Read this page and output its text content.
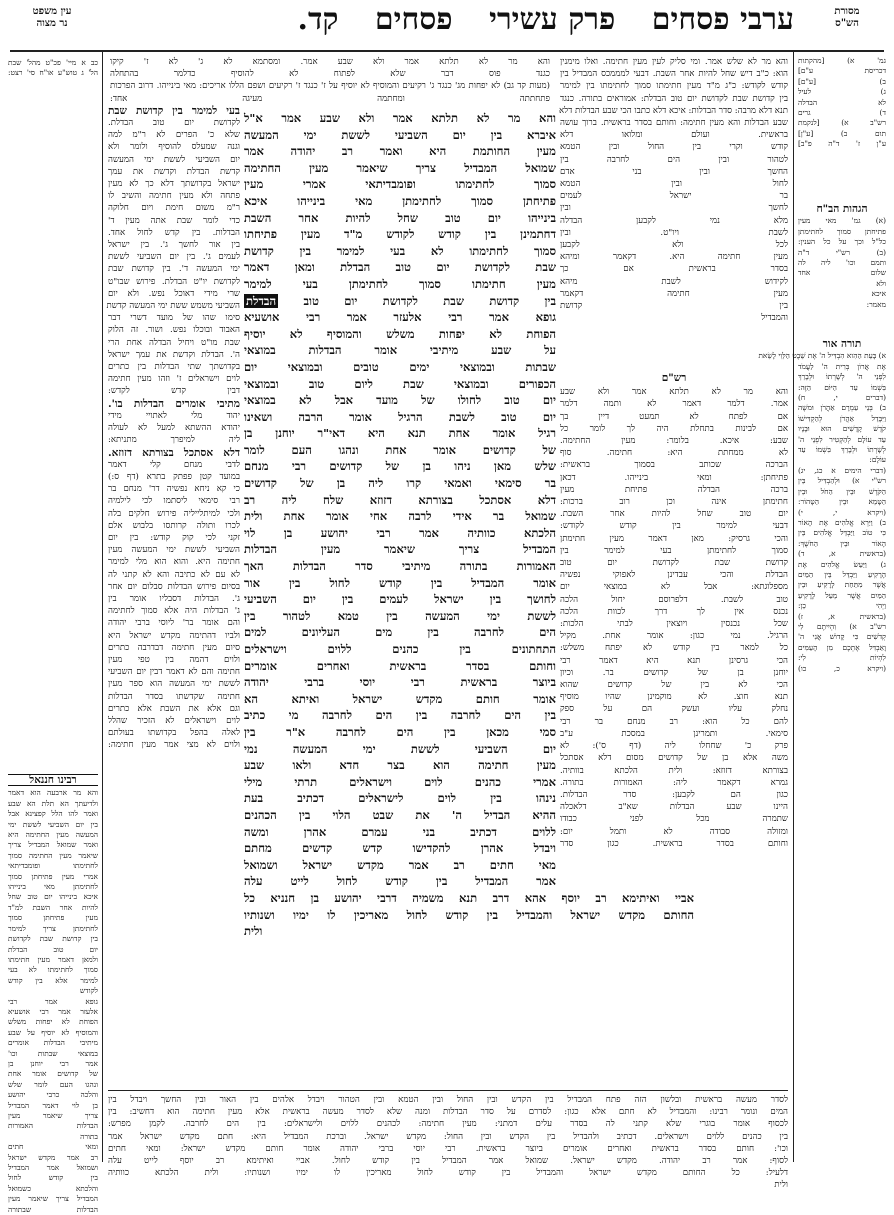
מסורת
הש"ס
ערבי פסחים פרק עשירי פסחים קד.
עין משפט
נר מצוה
גמ' א) [מהקתות
דכריסת ע"ם]
ב) [ע"ם]
ג) לעיל
לא הבדלה
ד) גרים
רש"ב א) [לנקמת
תום ב) [ע"ן]
ע"ן ז' ד"ה פ"ב]
הגהות הב"ח
(א) גמ' מאי מעין
פתיחתן סמוך לחתימתן
כל"ל וכך על כל הענין:
(ב) רש"י ד"ה
ותמם וכו' ליה לה
שלום אחד
ולא
איכא
מאמר:
תורה אור
א) בָּעֵת הַהִוא הִבְדִּיל ה' אֶת שֵׁבֶט הַלֵּוִי לָשֵׂאת
אֶת אֲרוֹן בְּרִית ה' לַעֲמֹד
לִפְנֵי ה' לְשָׁרְתוֹ וּלְבָרֵךְ
בִּשְׁמוֹ עַד הַיּוֹם הַזֶּה:
(דברים י, ח)
ב) בְּנֵי עַמְרָם אַהֲרֹן וּמשֶׁה
וַיִּבָּדֵל אַהֲרֹן לְהַקְדִּישׁוֹ
קֹדֶשׁ קָדָשִׁים הוּא וּבָנָיו
עַד עוֹלָם לְהַקְטִיר לִפְנֵי ה'
לְשָׁרְתוֹ וּלְבָרֵךְ בִּשְׁמוֹ עַד
עוֹלָם:
(דברי הימים א כג, יג)
רש"י א) וּלְהַבְדִּיל בֵּין
הַקֹּדֶשׁ וּבֵין הַחֹל וּבֵין
הַטָּמֵא וּבֵין הַטָּהוֹר:
(ויקרא י, י)
ב) וַיַּרְא אֱלֹהִים אֶת הָאוֹר
כִּי טוֹב וַיַּבְדֵּל אֱלֹהִים בֵּין
הָאוֹר וּבֵין הַחֹשֶׁךְ:
(בראשית א, ד)
ג) וַיַּעַשׂ אֱלֹהִים אֶת
הָרָקִיעַ וַיַּבְדֵּל בֵּין הַמַּיִם
אֲשֶׁר מִתַּחַת לָרָקִיעַ וּבֵין
הַמַּיִם אֲשֶׁר מֵעַל לָרָקִיעַ
וַיְהִי כֵן:
(בראשית א, ז)
רש"ב א) וִהְיִיתֶם לִי
קְדֹשִׁים כִּי קָדוֹשׁ אֲנִי ה'
וָאַבְדִּל אֶתְכֶם מִן הָעַמִּים
לִהְיוֹת לִי:
(ויקרא כ, כו)
כב א מיי' פכ"ט מהל' שבת
הל' ג טוש"ע או"ח סי' רצט:
רבינו חננאל
והא מר ארבעה הוא דאמר
ולדיעתך הא תלת הא שבע
ואמר להו הלל קפצינא אבל
בין יום השביעי לששת ימי
המעשה מעין החתימה היא
ואמר שמואל המבדיל צריך
שיאמר מעין החתימה סמוך
לחתימתו ופומבדיתאי
אמרי מעין פתיחתן סמוך
לחתימתן מאי בינייהו
איכא בינייהו יום טוב שחל
להיות אחר השבת למ"ד
מעין פתיחתן סמוך
לחתימתן צריך למימר
בין קדושת שבת לקדושת
יום טוב הבדלת
ולמאן דאמר מעין חתימתו
סמוך לחתימתו לא בעי
למימר אלא בין קודש
לקודש
גופא אמר רבי
אלעזר אמר רבי אושעיא
הפוחת לא יפחות משלש
והמוסיף לא יוסיף על שבע
מיתיבי הבדלות אומרים
במוצאי שבתות וכו'
אמר רבי יוחנן בן
של קדושים אומר אחת
ונהגו העם לומר שלש
והלכה כרבי יהושע
בן לוי דאמר המבדיל
צריך שיאמר מעין
הבדלות האמורות
בתורה
ומאי חתים
רב אמר מקדש ישראל
ושמואל אמר המבדיל
בין קודש לחול
והלכתא כשמואל
המבדיל צריך שיאמר מעין
הבדלות שבתורה
והא מר לא שלש אמר. ומי סליק לעין מעין חתימה. ואלו מימנין
הוא: כ"ב דיש שחל להיות אחר השבת. דבעי למממכס המבדיל בין
קודש לקודש: כ"ג מ"ד מעין חתימתו סמוך לחתימתו בין למימר
בין קדושת שבת לקדושת יום טוב הבדלת: אמוראים בתורה. כנגד
תנא דלא מרבה: סדר הבדלות: איכא דלא כתבו הכי שבע הבדלות דלא
שבע הבדלות והא מעין חתימה: וחותם בסדר בראשית. ברוך עושה
בראשית. ועולם ומלואו דלא
קודש וקרי בין החול ובין הטמא
לטהור ובין הים לחרבה בין
החשך ובין בני אדם
לחול ובין הטמא
בר ישראל לעמים
לחשך ובין
מלא נמי לקבען הבדלה
לשבת ויו"ט. ובין
לכל ולא לקבען
מעין חתימה היא. דקאמר ומיהא
בסדר בראשית אם כך
לקידוש לשבת מיהא
מעין חתימה דקאמר
בין קדושת
והמבדיל
רש"ם
והא מר לא תלתא אמר ולא שבע
אמר. דלמר דאמר לא ותמה דלמר
אם לפתח לא תמעט דיין בך
אם לבינות בתחלת היה לך לומר כל
שבע: איכא. בלומר: מעין החתימה.
לא ממחתת היא: חתימה. סוף
הברכה שכותב בסמוך בראשית:
פתיחתן: ומאי בינייהו. דכאן
ברכה הבדלה פתיחת מעין
חתימתן אינה וכן רוב ברכות:
יום טוב שחל להיות אחר השבת.
דבעי למימר בין קודש לקודש:
והכי גרסיק: מאן דאמר מעין חתימתן
סמוך לחתימתן בעי למימר בין
קדושת שבת לקדושת יום טוב
הבדלת והכי עבדינן לאפוקי נפשיה
מספלוגתא: אבל לא במוצאי יום
טוב לשבת. דלפרוסם יחול הלכה
נכנס אין לך דרך לכוות הלכה
שכל נכנסין ויוצאין לבתי הלכות:
הרגיל. נמי כגון: אומר אחת. מקיל
כל למאר בין קודש לא יפתח משלש:
הכי גרסינן תנא היא דאמר רבי
יוחנן בן של קדושים בר. וכיון
הכי לא בין של קדושים שהוא
תנא חוצ. לא מוקמינן שהיו מוסיף
נחלק עליו ועשק הם על ספק
להם כל הוא: רב מנחם בר רבי
סימאי. ותמרינן במסכת ע"ב
פרק כ' שחחלו ליה (דף ס'): לא
משה אלא בן של קדושים מסום דלא אסתכל
בצורתא דזוזא: ולית הלכתא בוותיה.
גמרא דקאמר ליה: האמורות בתורה.
כגון הם לקבען: סדר הבדלות.
היינו שבע הבדלות שא"ב דלאכלה
שתמרה מכל לפני כבודו
ומזולה סבודה לא ותמל יום:
וחותם בסדר בראשית. כגון סדר
והא מר לא תלתא אמר ולא שבע אמר. ומסתמא לא ג' לא ז' קיקו
כגנד פוס דבר שלא לפתוח לא להוסיף כדלמר בהתחלה
(מעות קד גב) לא יפחות מג' כנגד ג' רקיעים והמוסיף לא יוסיף על ז' כנגד ז' רקיעים ושפם הללו אריכים: מאי בינייהו. דרוב הפרכות
פתחתתה ומחתמה מעיגה אחד:
בעי למימר בין קדושת שבת
לקדושת יום טוב הבדלת.
שלא כ' הפרים לא ר"מ למה
וגנה שמעלס להוסיף ולומר ולא
יום השביעי לששת ימי המעשה
קדשת הבדלת וקדשת את עמך
ישראל בקדושתך דלא כך לא מעין
פתחה ולא מעין חתימה והשיב לו
ר"מ משום חימת ויום חלוקה
כדי לומר שבת אתה מעין ד'
הבדלות. בין קדש לחול אחד.
בין אור לחשך ג'. בין ישראל
לעמים ג'. בין יום השביעי לששת
ימי המעשה ד'. בין קדושת שבת
לקדושת יו"ט הבדלת. פירוש שבו"ט
שרי מידי דאוכל נפש. ולא יום
השביעי משמש ששת ימי המעשה קדשת
סימו שהו של מועד דשרי דבר
האבוד ובוכלו נפש. ושור. זה הלוק
שבת מו"ט ויחיל הבדלה אחת הרי
ה'. הבדלת וקדשת את עמך ישראל
בקדושתך שתי הבדלות בין כתרים
לוים וישראלים ז' וזהו מעין חתימה
דבין קדש לקדש:
מתיבי אומרים הבדלות בו'.
יהוד מלי לאתויי מידי
יהודא ההשתא למעל לא לעולה
ליה למיפרך מתניתא:
דלא אסתכל בצורתא דזוזא.
לדבי מנחם קלי דאמר
במועד קטן פפתק בתרא (דף ס:)
כי קא ניחא נפשיה דר' מנחם בר
רבי סימאי ליסתמו לכי לילמיה
ולכי למיתלייליה פירוש חלקים בלה
לכרו ותולה קרותסו בלבוש אלם
זקני לכי קוק קודש: בין יום
השביעי לששת ימי המעשה מעין
חתימה היא. והוא הוא מלי למימר
לא עם לא כתיבה והא לא קתני לה
בסיום פירוש הבדלות סבלום יום אחר
ג'. הבדלות דסבליו אומר בין
ג' הבדלות היה אלא סמוך לחתימה
והם אומר בר' ליוסי ברבי יהודה
ולביו דהתימה מקדש ישראל היא
סיום מעין חתימה דבדרבה כתרים
ולוים דהמה בין טפי מעין
חתימה והם לא דאמר דבין יום השביעי
לששת ימי המעשה הוא ספר מעין
חתימה שקדשתו בסדר הבדלות
וגם אלא את השבת אלא כתרים
לוים וישראלים לא הזכיר שהלל
לאלה בהפל בקדושתו בעולתם
ולוים לא מצי אמר מעין חתימה:
והא מר לא תלתא אמר ולא שבע אמר א"ל
איברא בין יום השביעי לששת ימי המעשה
מעין החותמת היא ואמר רב יהודה אמר
שמואל המבדיל צריך שיאמר מעין החתימה
סמוך לחתימתו ופומבדיתאי אמרי מעין
פתיחתן סמוך לחתימתן מאי בינייהו איכא
בינייהו יום טוב שחל להיות אחר השבת
דחתמינן בין קודש לקודש מ"ד מעין פתיחתו
סמוך לחתימתו לא בעי למימר בין קדושת
שבת לקדושת יום טוב הבדלת ומאן דאמר
מעין חתימתו סמוך לחתימתן בעי למימר
בין קדושת שבת לקדושת יום טוב הבדלת
גופא אמר רבי אלעזר אמר רבי אושעיא
הפוחת לא יפחות משלש והמוסיף לא יוסיף
על שבע מיתיבי אומר הבדלות במוצאי
שבתות ובמוצאי ימים טובים ובמוצאי יום
הכפורים ובמוצאי שבת ליום טוב ובמוצאי
יום טוב לחולו של מועד אבל לא במוצאי
יום טוב לשבת הרגיל אומר הרבה ושאינו
רגיל אומר אחת תנא היא דאי"ר יוחנן בן
של קדושים אומר אחת ונהגו העם לומר
שלש מאן ניהו בן של קדושים רבי מנחם
בר סימאי ואמאי קרו ליה בן של קדושים
דלא אסתכל בצורתא דזוזא שלח ליה רב
שמואל בר אידי לרבה אחי אומר אחת ולית
הלכתא כוותיה אמר רבי יהושע בן לוי
המבדיל צריך שיאמר מעין הבדלות
האמורות בתורה מיתיבי סדר הבדלות האך
אומר המבדיל בין קודש לחול בין אור
לחושך בין ישראל לעמים בין יום השביעי
לששת ימי המעשה בין טמא לטהור בין
הים לחרבה בין מים העליונים למים
התחתונים בין כהנים ללוים וישראלים
וחותם בסדר בראשית ואחרים אומרים
ביוצר בראשית רבי יוסי ברבי יהודה
אומר חותם מקדש ישראל ואיתא הא
בין הים לחרבה בין הים לחרבה מי כתיב
סמי מכאן בין הים לחרבה א"ר בין
יום השביעי לששת ימי המעשה נמי
מעין חתימה הוא בצר חדא ולאו שבע
אמרי כהנים לוים וישראלים תרתי מילי
נינהו בין לוים לישראלים דכתיב בעת
ההיא הבדיל ה' את שבט הלוי בין הכהנים
ללוים דכתיב בני עמרם אהרן ומשה
ויבדל אהרן להקדישו קדש קדשים מחתם
מאי חתים רב אמר מקדש ישראל ושמואל
אמר המבדיל בין קודש לחול לייט עלה
אביי ואיתימא רב יוסף אהא דרב תנא משמיה דרבי יהושע בן חנניא כל
החותם מקדש ישראל והמבדיל בין קודש לחול מאריכין לו ימיו ושנותיו
ולית
לסדר מעשה בראשית ובלשון הזה פתח המבדיל בין הקדש ובין החול ובין הטמא ובין הטהור ויבדל אלהים בין האור ובין החשך ויבדל בין
המים ונומר רבינו: והמבדיל לא חתם אלא כגון: לסדרם על סדר הבדלות ומנה שלא לסדר מעשה בראשית אלא מעין חתימה הוא דחשיב: בין
לכסוף אומר בוגרי שלא קתני לה בסדר עלים דמתני: מעין חתימה: לכהנים ללוים ולישראלים: בין הים לחרבה. לקמן מפרש:
בין כהנים ללוים וישראלים. דכתיב ולהבדיל בין הקדש ובין החול: מקדש ישראל. וברכת המבדיל היא: חתם מקדש ישראל אמר
וכו': חותם בסדר בראשית ואחרים אומרים ביוצר בראשית. רבי יוסי ברבי יהודה אומר חותם מקדש ישראל: ומאי חתים
לסוף: אמר רב יהודה. מקדש ישראל. שמואל אמר המבדיל בין קודש לחול. אביי ואיתימא רב יוסף לייט עלה
דלעיל: כל החותם מקדש ישראל והמבדיל בין קודש לחול מאריכין לו ימיו ושנותיו: ולית הלכתא כוותיה
ולית
